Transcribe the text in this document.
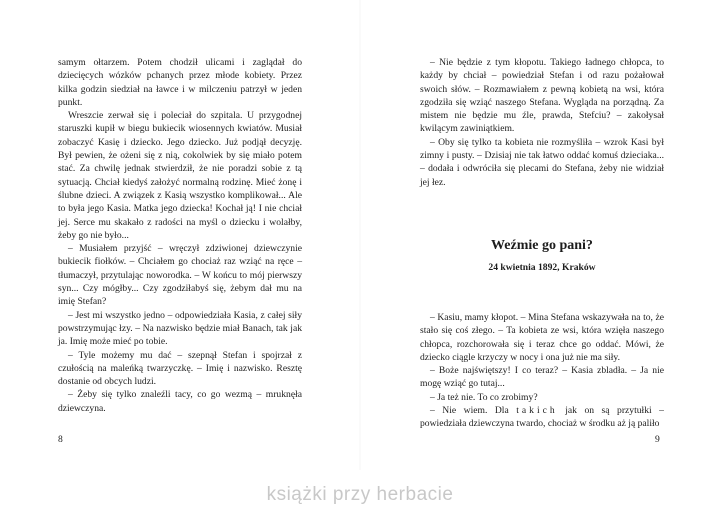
samym ołtarzem. Potem chodził ulicami i zaglądał do dziecięcych wózków pchanych przez młode kobiety. Przez kilka godzin siedział na ławce i w milczeniu patrzył w jeden punkt.

Wreszcie zerwał się i poleciał do szpitala. U przygodnej staruszki kupił w biegu bukiecik wiosennych kwiatów. Musiał zobaczyć Kasię i dziecko. Jego dziecko. Już podjął decyzję. Był pewien, że ożeni się z nią, cokolwiek by się miało potem stać. Za chwilę jednak stwierdził, że nie poradzi sobie z tą sytuacją. Chciał kiedyś założyć normalną rodzinę. Mieć żonę i ślubne dzieci. A związek z Kasią wszystko komplikował... Ale to była jego Kasia. Matka jego dziecka! Kochał ją! I nie chciał jej. Serce mu skakało z radości na myśl o dziecku i wolałby, żeby go nie było...

– Musiałem przyjść – wręczył zdziwionej dziewczynie bukiecik fiołków. – Chciałem go chociaż raz wziąć na ręce – tłumaczył, przytulając noworodka. – W końcu to mój pierwszy syn... Czy mógłby... Czy zgodziłabyś się, żebym dał mu na imię Stefan?

– Jest mi wszystko jedno – odpowiedziała Kasia, z całej siły powstrzymując łzy. – Na nazwisko będzie miał Banach, tak jak ja. Imię może mieć po tobie.

– Tyle możemy mu dać – szepnął Stefan i spojrzał z czułością na maleńką twarzyczkę. – Imię i nazwisko. Resztę dostanie od obcych ludzi.

– Żeby się tylko znaleźli tacy, co go wezmą – mruknęła dziewczyna.

8

– Nie będzie z tym kłopotu. Takiego ładnego chłopca, to każdy by chciał – powiedział Stefan i od razu pożałował swoich słów. – Rozmawiałem z pewną kobietą na wsi, która zgodziła się wziąć naszego Stefana. Wygląda na porządną. Za mistem nie będzie mu źle, prawda, Stefciu? – zakołysał kwilącym zawiniątkiem.

– Oby się tylko ta kobieta nie rozmyśliła – wzrok Kasi był zimny i pusty. – Dzisiaj nie tak łatwo oddać komuś dzieciaka... – dodała i odwróciła się plecami do Stefana, żeby nie widział jej łez.

Weźmie go pani?
24 kwietnia 1892, Kraków

– Kasiu, mamy kłopot. – Mina Stefana wskazywała na to, że stało się coś złego. – Ta kobieta ze wsi, która wzięła naszego chłopca, rozchorowała się i teraz chce go oddać. Mówi, że dziecko ciągle krzyczy w nocy i ona już nie ma siły.

– Boże najświętszy! I co teraz? – Kasia zbladła. – Ja nie mogę wziąć go tutaj...

– Ja też nie. To co zrobimy?

– Nie wiem. Dla takich jak on są przytułki – powiedziała dziewczyna twardo, chociaż w środku aż ją paliło

9
książki przy herbacie
